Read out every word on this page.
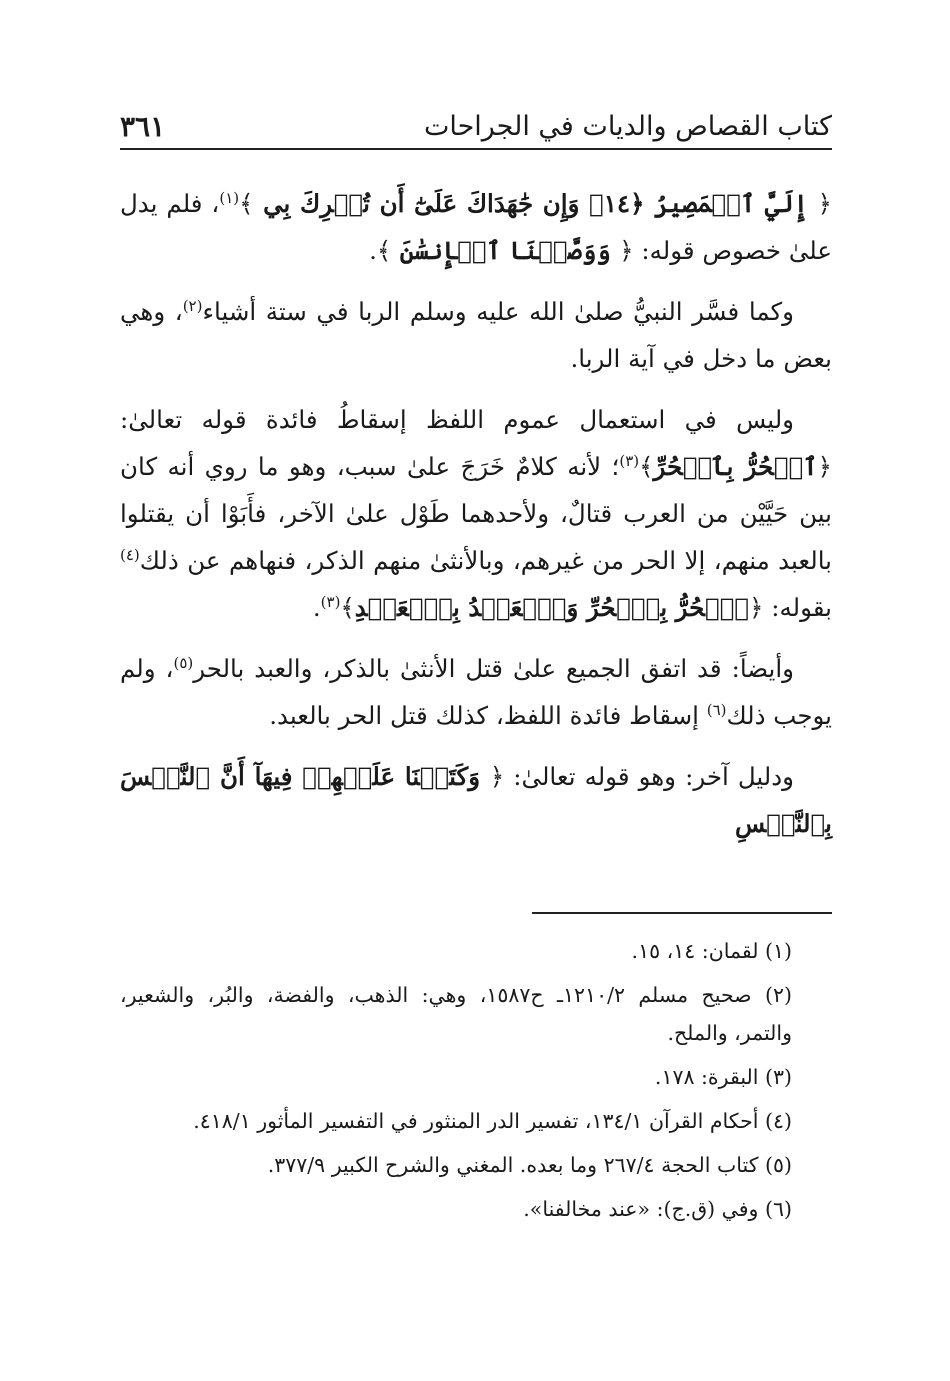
كتاب القصاص والديات في الجراحات
٣٦١

﴿ إِلَيَّ ٱلۡمَصِيرُ ﴿١٤﴾ وَإِن جَٰهَدَاكَ عَلَىٰٓ أَن تُشۡرِكَ بِي ﴾$^{(١)}$، فلم يدل علىٰ خصوص قوله: ﴿ وَوَصَّيۡنَا ٱلۡإِنسَٰنَ ﴾.

وكما فسَّر النبيُّ صلىٰ الله عليه وسلم الربا في ستة أشياء$^{(٢)}$، وهي بعض ما دخل في آية الربا.

وليس في استعمال عموم اللفظ إسقاطُ فائدة قوله تعالىٰ: ﴿ٱلۡحُرُّ بِٱلۡحُرِّ﴾$^{(٣)}$؛ لأنه كلامٌ خَرَجَ علىٰ سبب، وهو ما روي أنه كان بين حَيَّيْن من العرب قتالٌ، ولأحدهما طَوْل علىٰ الآخر، فأَبَوْا أن يقتلوا بالعبد منهم، إلا الحر من غيرهم، وبالأنثىٰ منهم الذكر، فنهاهم عن ذلك$^{(٤)}$ بقوله: ﴿ٱلۡحُرُّ بِٱلۡحُرِّ وَٱلۡعَبۡدُ بِٱلۡعَبۡدِ﴾$^{(٣)}$.

وأيضاً: قد اتفق الجميع علىٰ قتل الأنثىٰ بالذكر، والعبد بالحر$^{(٥)}$، ولم يوجب ذلك$^{(٦)}$ إسقاط فائدة اللفظ، كذلك قتل الحر بالعبد.

ودليل آخر: وهو قوله تعالىٰ: ﴿ وَكَتَبۡنَا عَلَيۡهِمۡ فِيهَآ أَنَّ ٱلنَّفۡسَ بِٱلنَّفۡسِ

(١) لقمان: ١٤، ١٥.

(٢) صحيح مسلم ١٢١٠/٢ـ ح١٥٨٧، وهي: الذهب، والفضة، والبُر، والشعير، والتمر، والملح.

(٣) البقرة: ١٧٨.

(٤) أحكام القرآن ١٣٤/١، تفسير الدر المنثور في التفسير المأثور ٤١٨/١.

(٥) كتاب الحجة ٢٦٧/٤ وما بعده. المغني والشرح الكبير ٣٧٧/٩.

(٦) وفي (ق.ج): «عند مخالفنا».
